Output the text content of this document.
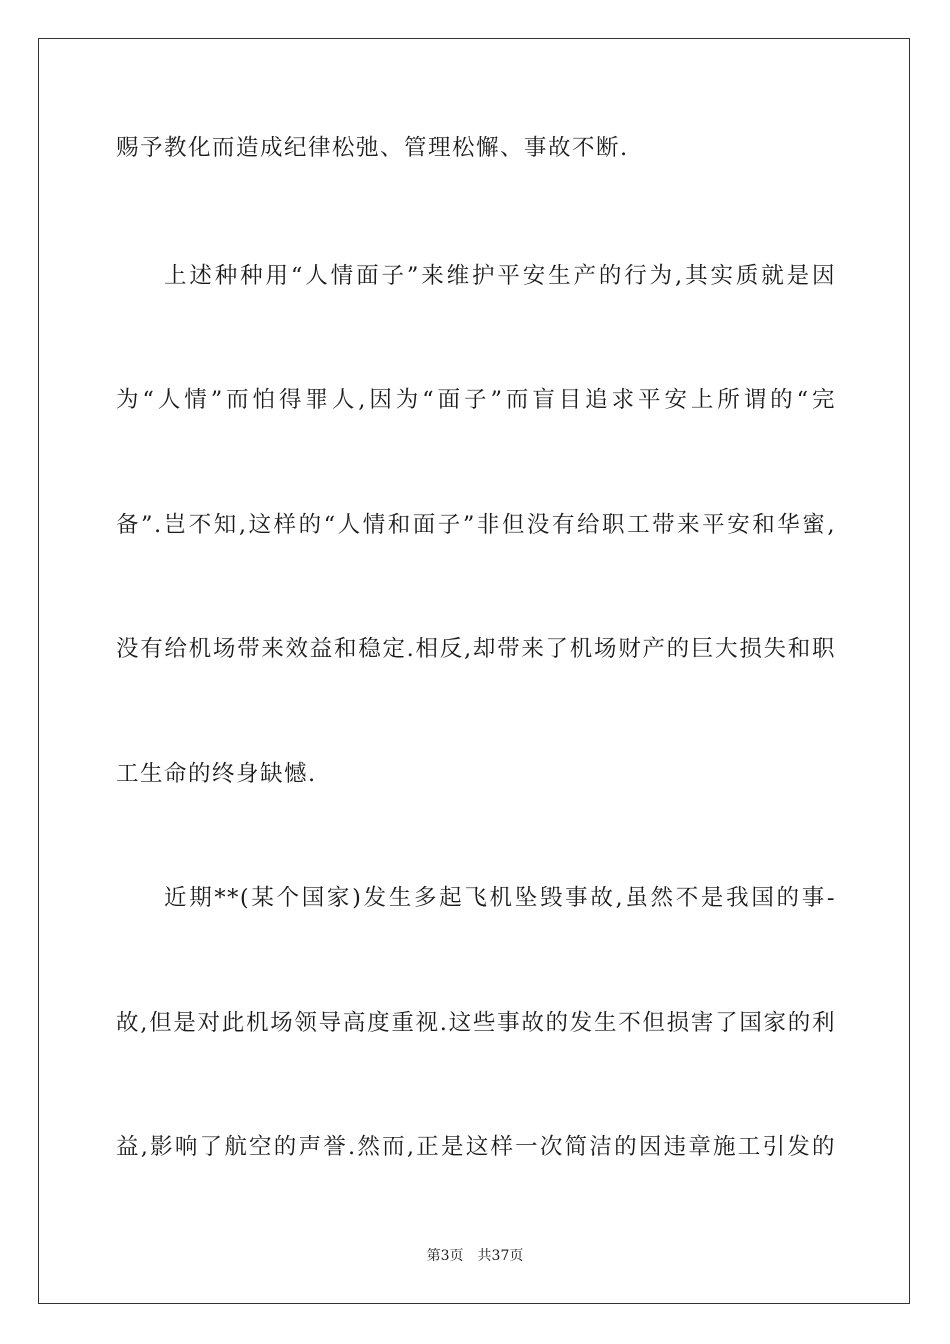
赐予教化而造成纪律松弛、管理松懈、事故不断.
上述种种用“人情面子”来维护平安生产的行为,其实质就是因
为“人情”而怕得罪人,因为“面子”而盲目追求平安上所谓的“完
备”.岂不知,这样的“人情和面子”非但没有给职工带来平安和华蜜,
没有给机场带来效益和稳定.相反,却带来了机场财产的巨大损失和职
工生命的终身缺憾.
近期**(某个国家)发生多起飞机坠毁事故,虽然不是我国的事-
故,但是对此机场领导高度重视.这些事故的发生不但损害了国家的利
益,影响了航空的声誉.然而,正是这样一次简洁的因违章施工引发的
第3页 共37页
